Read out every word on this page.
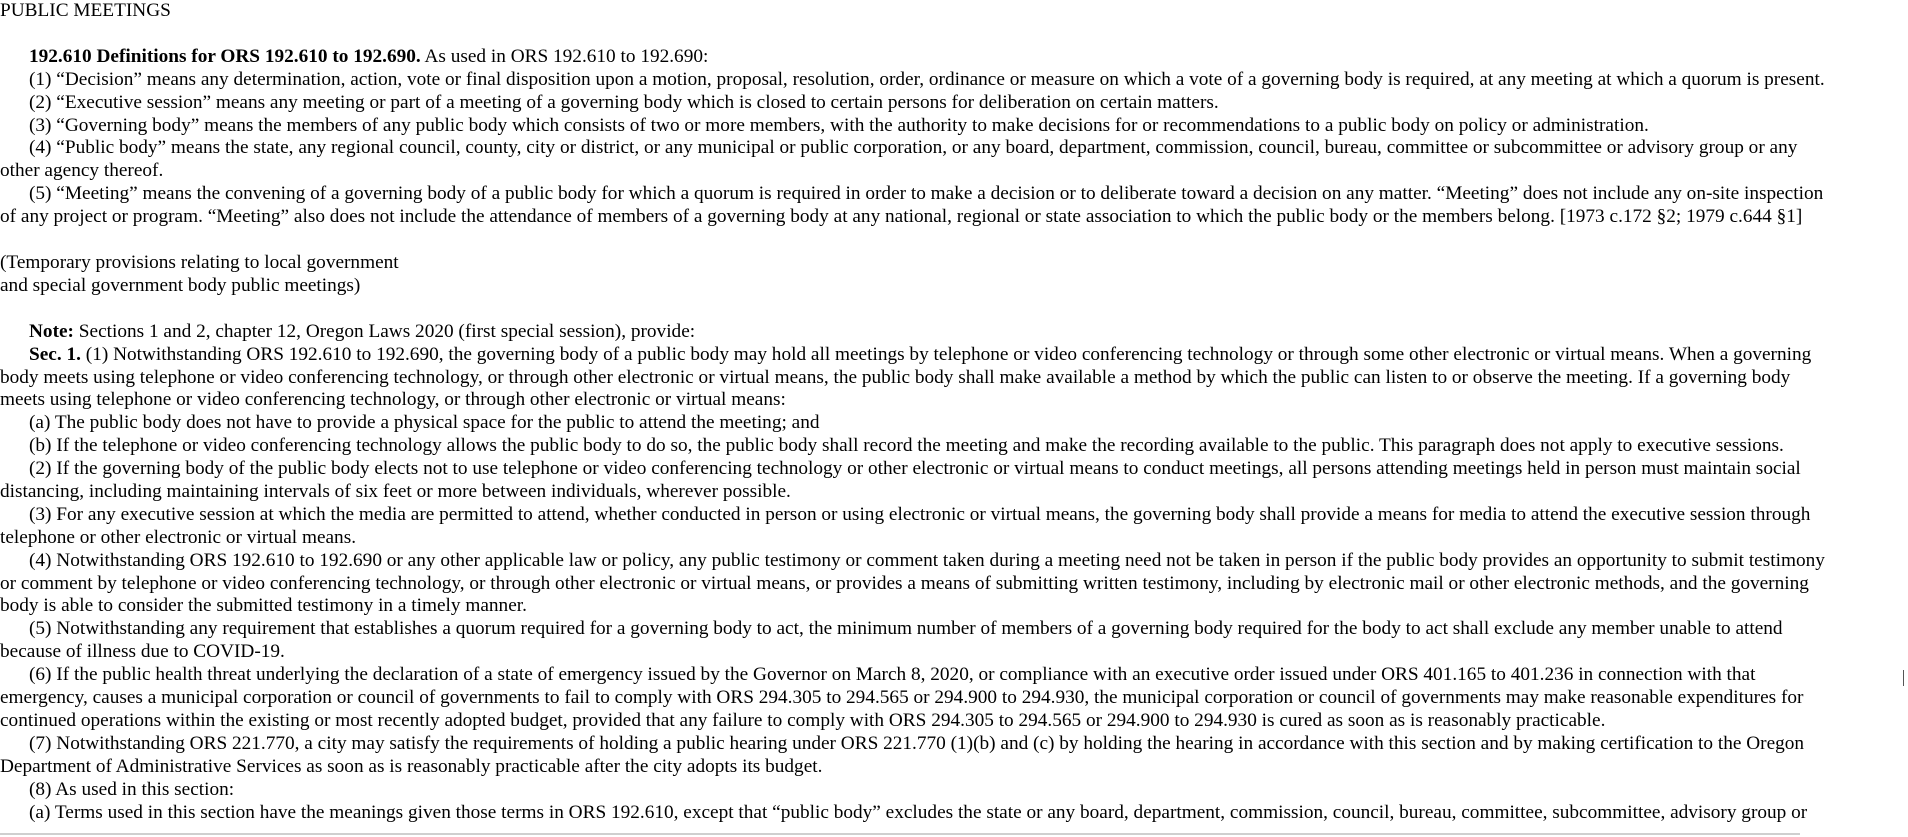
PUBLIC MEETINGS
192.610 Definitions for ORS 192.610 to 192.690. As used in ORS 192.610 to 192.690:
(1) “Decision” means any determination, action, vote or final disposition upon a motion, proposal, resolution, order, ordinance or measure on which a vote of a governing body is required, at any meeting at which a quorum is present.
(2) “Executive session” means any meeting or part of a meeting of a governing body which is closed to certain persons for deliberation on certain matters.
(3) “Governing body” means the members of any public body which consists of two or more members, with the authority to make decisions for or recommendations to a public body on policy or administration.
(4) “Public body” means the state, any regional council, county, city or district, or any municipal or public corporation, or any board, department, commission, council, bureau, committee or subcommittee or advisory group or any
other agency thereof.
(5) “Meeting” means the convening of a governing body of a public body for which a quorum is required in order to make a decision or to deliberate toward a decision on any matter. “Meeting” does not include any on-site inspection
of any project or program. “Meeting” also does not include the attendance of members of a governing body at any national, regional or state association to which the public body or the members belong. [1973 c.172 §2; 1979 c.644 §1]
(Temporary provisions relating to local government
and special government body public meetings)
Note: Sections 1 and 2, chapter 12, Oregon Laws 2020 (first special session), provide:
Sec. 1. (1) Notwithstanding ORS 192.610 to 192.690, the governing body of a public body may hold all meetings by telephone or video conferencing technology or through some other electronic or virtual means. When a governing
body meets using telephone or video conferencing technology, or through other electronic or virtual means, the public body shall make available a method by which the public can listen to or observe the meeting. If a governing body
meets using telephone or video conferencing technology, or through other electronic or virtual means:
(a) The public body does not have to provide a physical space for the public to attend the meeting; and
(b) If the telephone or video conferencing technology allows the public body to do so, the public body shall record the meeting and make the recording available to the public. This paragraph does not apply to executive sessions.
(2) If the governing body of the public body elects not to use telephone or video conferencing technology or other electronic or virtual means to conduct meetings, all persons attending meetings held in person must maintain social
distancing, including maintaining intervals of six feet or more between individuals, wherever possible.
(3) For any executive session at which the media are permitted to attend, whether conducted in person or using electronic or virtual means, the governing body shall provide a means for media to attend the executive session through
telephone or other electronic or virtual means.
(4) Notwithstanding ORS 192.610 to 192.690 or any other applicable law or policy, any public testimony or comment taken during a meeting need not be taken in person if the public body provides an opportunity to submit testimony
or comment by telephone or video conferencing technology, or through other electronic or virtual means, or provides a means of submitting written testimony, including by electronic mail or other electronic methods, and the governing
body is able to consider the submitted testimony in a timely manner.
(5) Notwithstanding any requirement that establishes a quorum required for a governing body to act, the minimum number of members of a governing body required for the body to act shall exclude any member unable to attend
because of illness due to COVID-19.
(6) If the public health threat underlying the declaration of a state of emergency issued by the Governor on March 8, 2020, or compliance with an executive order issued under ORS 401.165 to 401.236 in connection with that
emergency, causes a municipal corporation or council of governments to fail to comply with ORS 294.305 to 294.565 or 294.900 to 294.930, the municipal corporation or council of governments may make reasonable expenditures for
continued operations within the existing or most recently adopted budget, provided that any failure to comply with ORS 294.305 to 294.565 or 294.900 to 294.930 is cured as soon as is reasonably practicable.
(7) Notwithstanding ORS 221.770, a city may satisfy the requirements of holding a public hearing under ORS 221.770 (1)(b) and (c) by holding the hearing in accordance with this section and by making certification to the Oregon
Department of Administrative Services as soon as is reasonably practicable after the city adopts its budget.
(8) As used in this section:
(a) Terms used in this section have the meanings given those terms in ORS 192.610, except that “public body” excludes the state or any board, department, commission, council, bureau, committee, subcommittee, advisory group or
